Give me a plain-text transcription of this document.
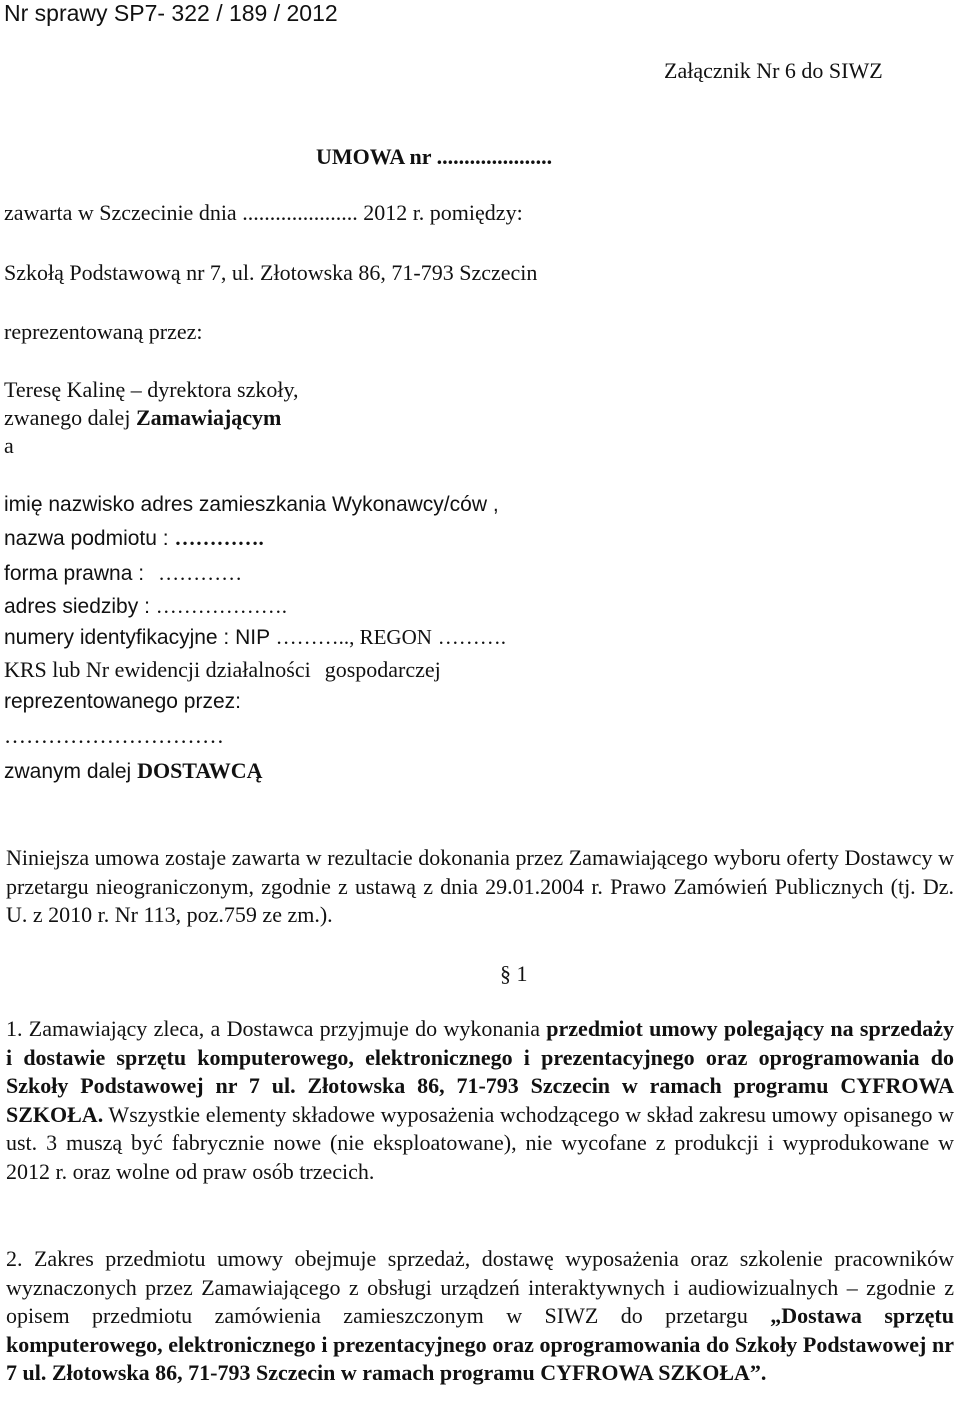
Nr sprawy SP7- 322 / 189 / 2012
Załącznik Nr 6 do SIWZ
UMOWA nr .....................
zawarta w Szczecinie dnia ..................... 2012 r. pomiędzy:
Szkołą Podstawową nr 7, ul. Złotowska 86, 71-793 Szczecin
reprezentowaną przez:
Teresę Kalinę – dyrektora szkoły,
zwanego dalej Zamawiającym
a
imię nazwisko adres zamieszkania Wykonawcy/ców ,
nazwa podmiotu : ………….
forma prawna : …………
adres siedziby : ……………….
numery identyfikacyjne : NIP ……….., REGON ……….
KRS lub Nr ewidencji działalności gospodarczej
reprezentowanego przez:
…………………………
zwanym dalej DOSTAWCĄ
Niniejsza umowa zostaje zawarta w rezultacie dokonania przez Zamawiającego wyboru oferty Dostawcy w przetargu nieograniczonym, zgodnie z ustawą z dnia 29.01.2004 r. Prawo Zamówień Publicznych (tj. Dz. U. z 2010 r. Nr 113, poz.759 ze zm.).
§ 1
1. Zamawiający zleca, a Dostawca przyjmuje do wykonania przedmiot umowy polegający na sprzedaży i dostawie sprzętu komputerowego, elektronicznego i prezentacyjnego oraz oprogramowania do Szkoły Podstawowej nr 7 ul. Złotowska 86, 71-793 Szczecin w ramach programu CYFROWA SZKOŁA. Wszystkie elementy składowe wyposażenia wchodzącego w skład zakresu umowy opisanego w ust. 3 muszą być fabrycznie nowe (nie eksploatowane), nie wycofane z produkcji i wyprodukowane w 2012 r. oraz wolne od praw osób trzecich.
2. Zakres przedmiotu umowy obejmuje sprzedaż, dostawę wyposażenia oraz szkolenie pracowników wyznaczonych przez Zamawiającego z obsługi urządzeń interaktywnych i audiowizualnych – zgodnie z opisem przedmiotu zamówienia zamieszczonym w SIWZ do przetargu „Dostawa sprzętu komputerowego, elektronicznego i prezentacyjnego oraz oprogramowania do Szkoły Podstawowej nr 7 ul. Złotowska 86, 71-793 Szczecin w ramach programu CYFROWA SZKOŁA”.
